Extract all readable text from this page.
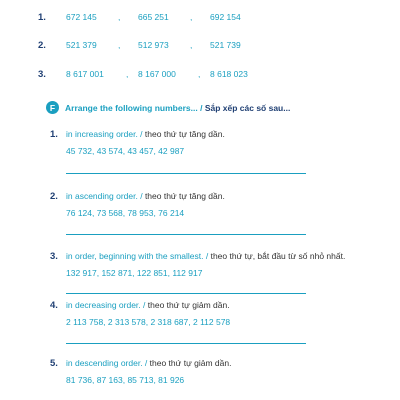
1. 672 145	, 665 251	, 692 154
2. 521 379	, 512 973	, 521 739
3. 8 617 001	, 8 167 000	, 8 618 023
F	Arrange the following numbers... / Sắp xếp các số sau...
1. in increasing order. / theo thứ tự tăng dần.
45 732, 43 574, 43 457, 42 987
2. in ascending order. / theo thứ tự tăng dần.
76 124, 73 568, 78 953, 76 214
3. in order, beginning with the smallest. / theo thứ tự, bắt đầu từ số nhỏ nhất.
132 917, 152 871, 122 851, 112 917
4. in decreasing order. / theo thứ tự giảm dần.
2 113 758, 2 313 578, 2 318 687, 2 112 578
5. in descending order. / theo thứ tự giảm dần.
81 736, 87 163, 85 713, 81 926
